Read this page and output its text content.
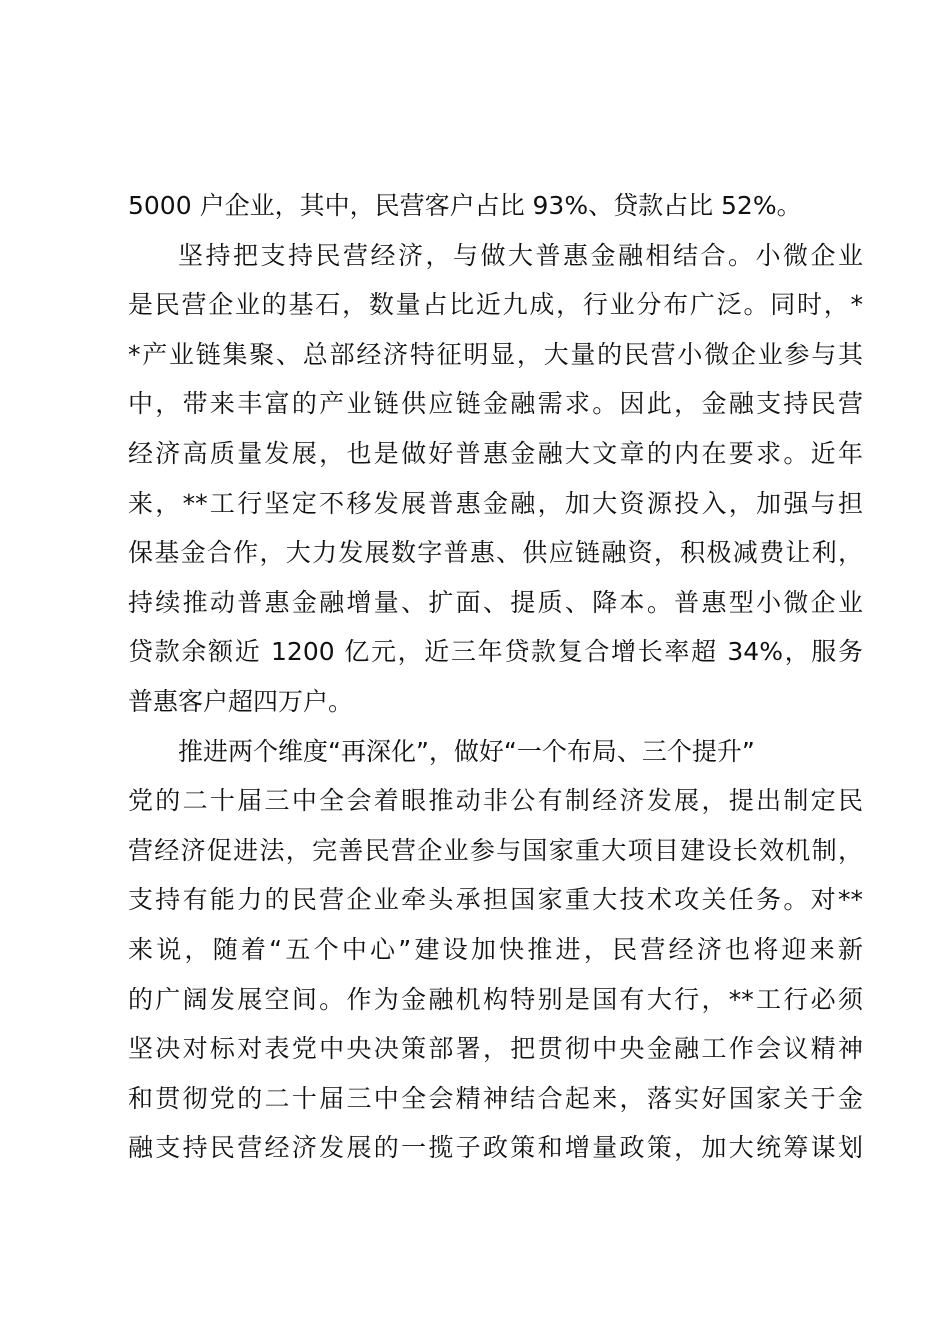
5000 户企业，其中，民营客户占比 93%、贷款占比 52%。
坚持把支持民营经济，与做大普惠金融相结合。小微企业
是民营企业的基石，数量占比近九成，行业分布广泛。同时，*
*产业链集聚、总部经济特征明显，大量的民营小微企业参与其
中，带来丰富的产业链供应链金融需求。因此，金融支持民营
经济高质量发展，也是做好普惠金融大文章的内在要求。近年
来，**工行坚定不移发展普惠金融，加大资源投入，加强与担
保基金合作，大力发展数字普惠、供应链融资，积极减费让利，
持续推动普惠金融增量、扩面、提质、降本。普惠型小微企业
贷款余额近 1200 亿元，近三年贷款复合增长率超 34%，服务
普惠客户超四万户。
推进两个维度“再深化”，做好“一个布局、三个提升”
党的二十届三中全会着眼推动非公有制经济发展，提出制定民
营经济促进法，完善民营企业参与国家重大项目建设长效机制，
支持有能力的民营企业牵头承担国家重大技术攻关任务。对**
来说，随着“五个中心”建设加快推进，民营经济也将迎来新
的广阔发展空间。作为金融机构特别是国有大行，**工行必须
坚决对标对表党中央决策部署，把贯彻中央金融工作会议精神
和贯彻党的二十届三中全会精神结合起来，落实好国家关于金
融支持民营经济发展的一揽子政策和增量政策，加大统筹谋划
